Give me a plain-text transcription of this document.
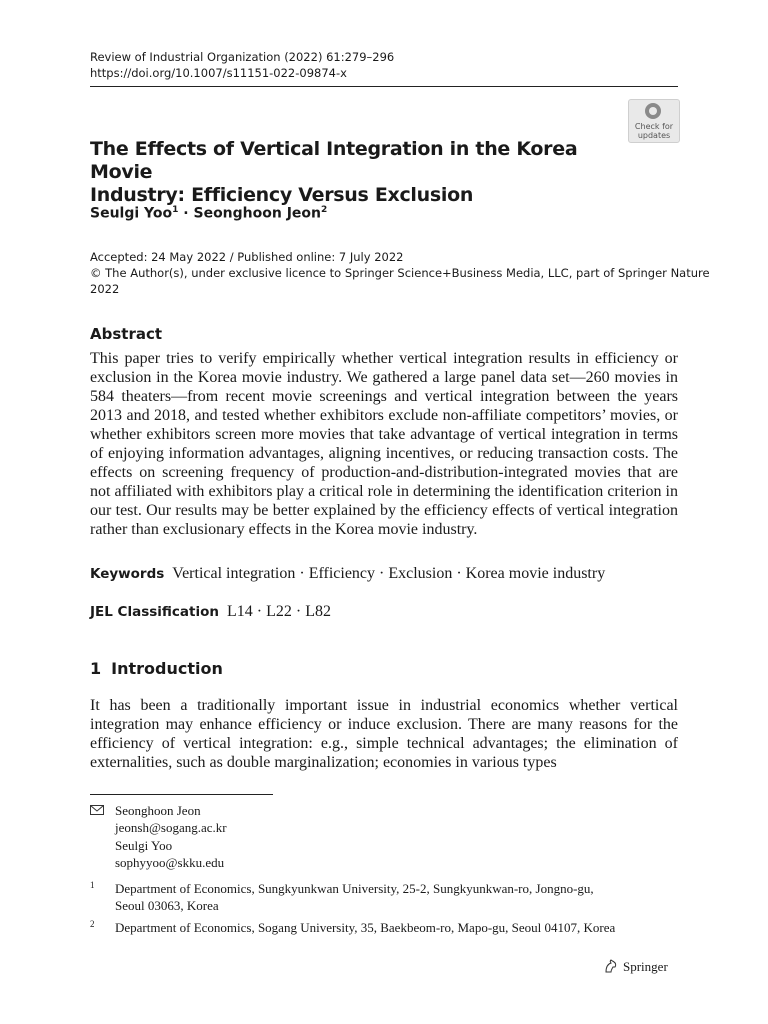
Review of Industrial Organization (2022) 61:279–296
https://doi.org/10.1007/s11151-022-09874-x
Check for
updates
The Effects of Vertical Integration in the Korea Movie
Industry: Efficiency Versus Exclusion
Seulgi Yoo$^1$ · Seonghoon Jeon$^2$
Accepted: 24 May 2022 / Published online: 7 July 2022
© The Author(s), under exclusive licence to Springer Science+Business Media, LLC, part of Springer Nature
2022
Abstract
This paper tries to verify empirically whether vertical integration results in efficiency or exclusion in the Korea movie industry. We gathered a large panel data set—260 movies in 584 theaters—from recent movie screenings and vertical integration between the years 2013 and 2018, and tested whether exhibitors exclude non-affiliate competitors’ movies, or whether exhibitors screen more movies that take advantage of vertical integration in terms of enjoying information advantages, aligning incentives, or reducing transaction costs. The effects on screening frequency of production-and-distribution-integrated movies that are not affiliated with exhibitors play a critical role in determining the identification criterion in our test. Our results may be better explained by the efficiency effects of vertical integration rather than exclusionary effects in the Korea movie industry.
Keywords Vertical integration · Efficiency · Exclusion · Korea movie industry
JEL Classification L14 · L22 · L82
1 Introduction
It has been a traditionally important issue in industrial economics whether vertical integration may enhance efficiency or induce exclusion. There are many reasons for the efficiency of vertical integration: e.g., simple technical advantages; the elimination of externalities, such as double marginalization; economies in various types
Seonghoon Jeon
jeonsh@sogang.ac.kr
Seulgi Yoo
sophyyoo@skku.edu
1 Department of Economics, Sungkyunkwan University, 25-2, Sungkyunkwan-ro, Jongno-gu,
Seoul 03063, Korea
2 Department of Economics, Sogang University, 35, Baekbeom-ro, Mapo-gu, Seoul 04107, Korea
Springer
